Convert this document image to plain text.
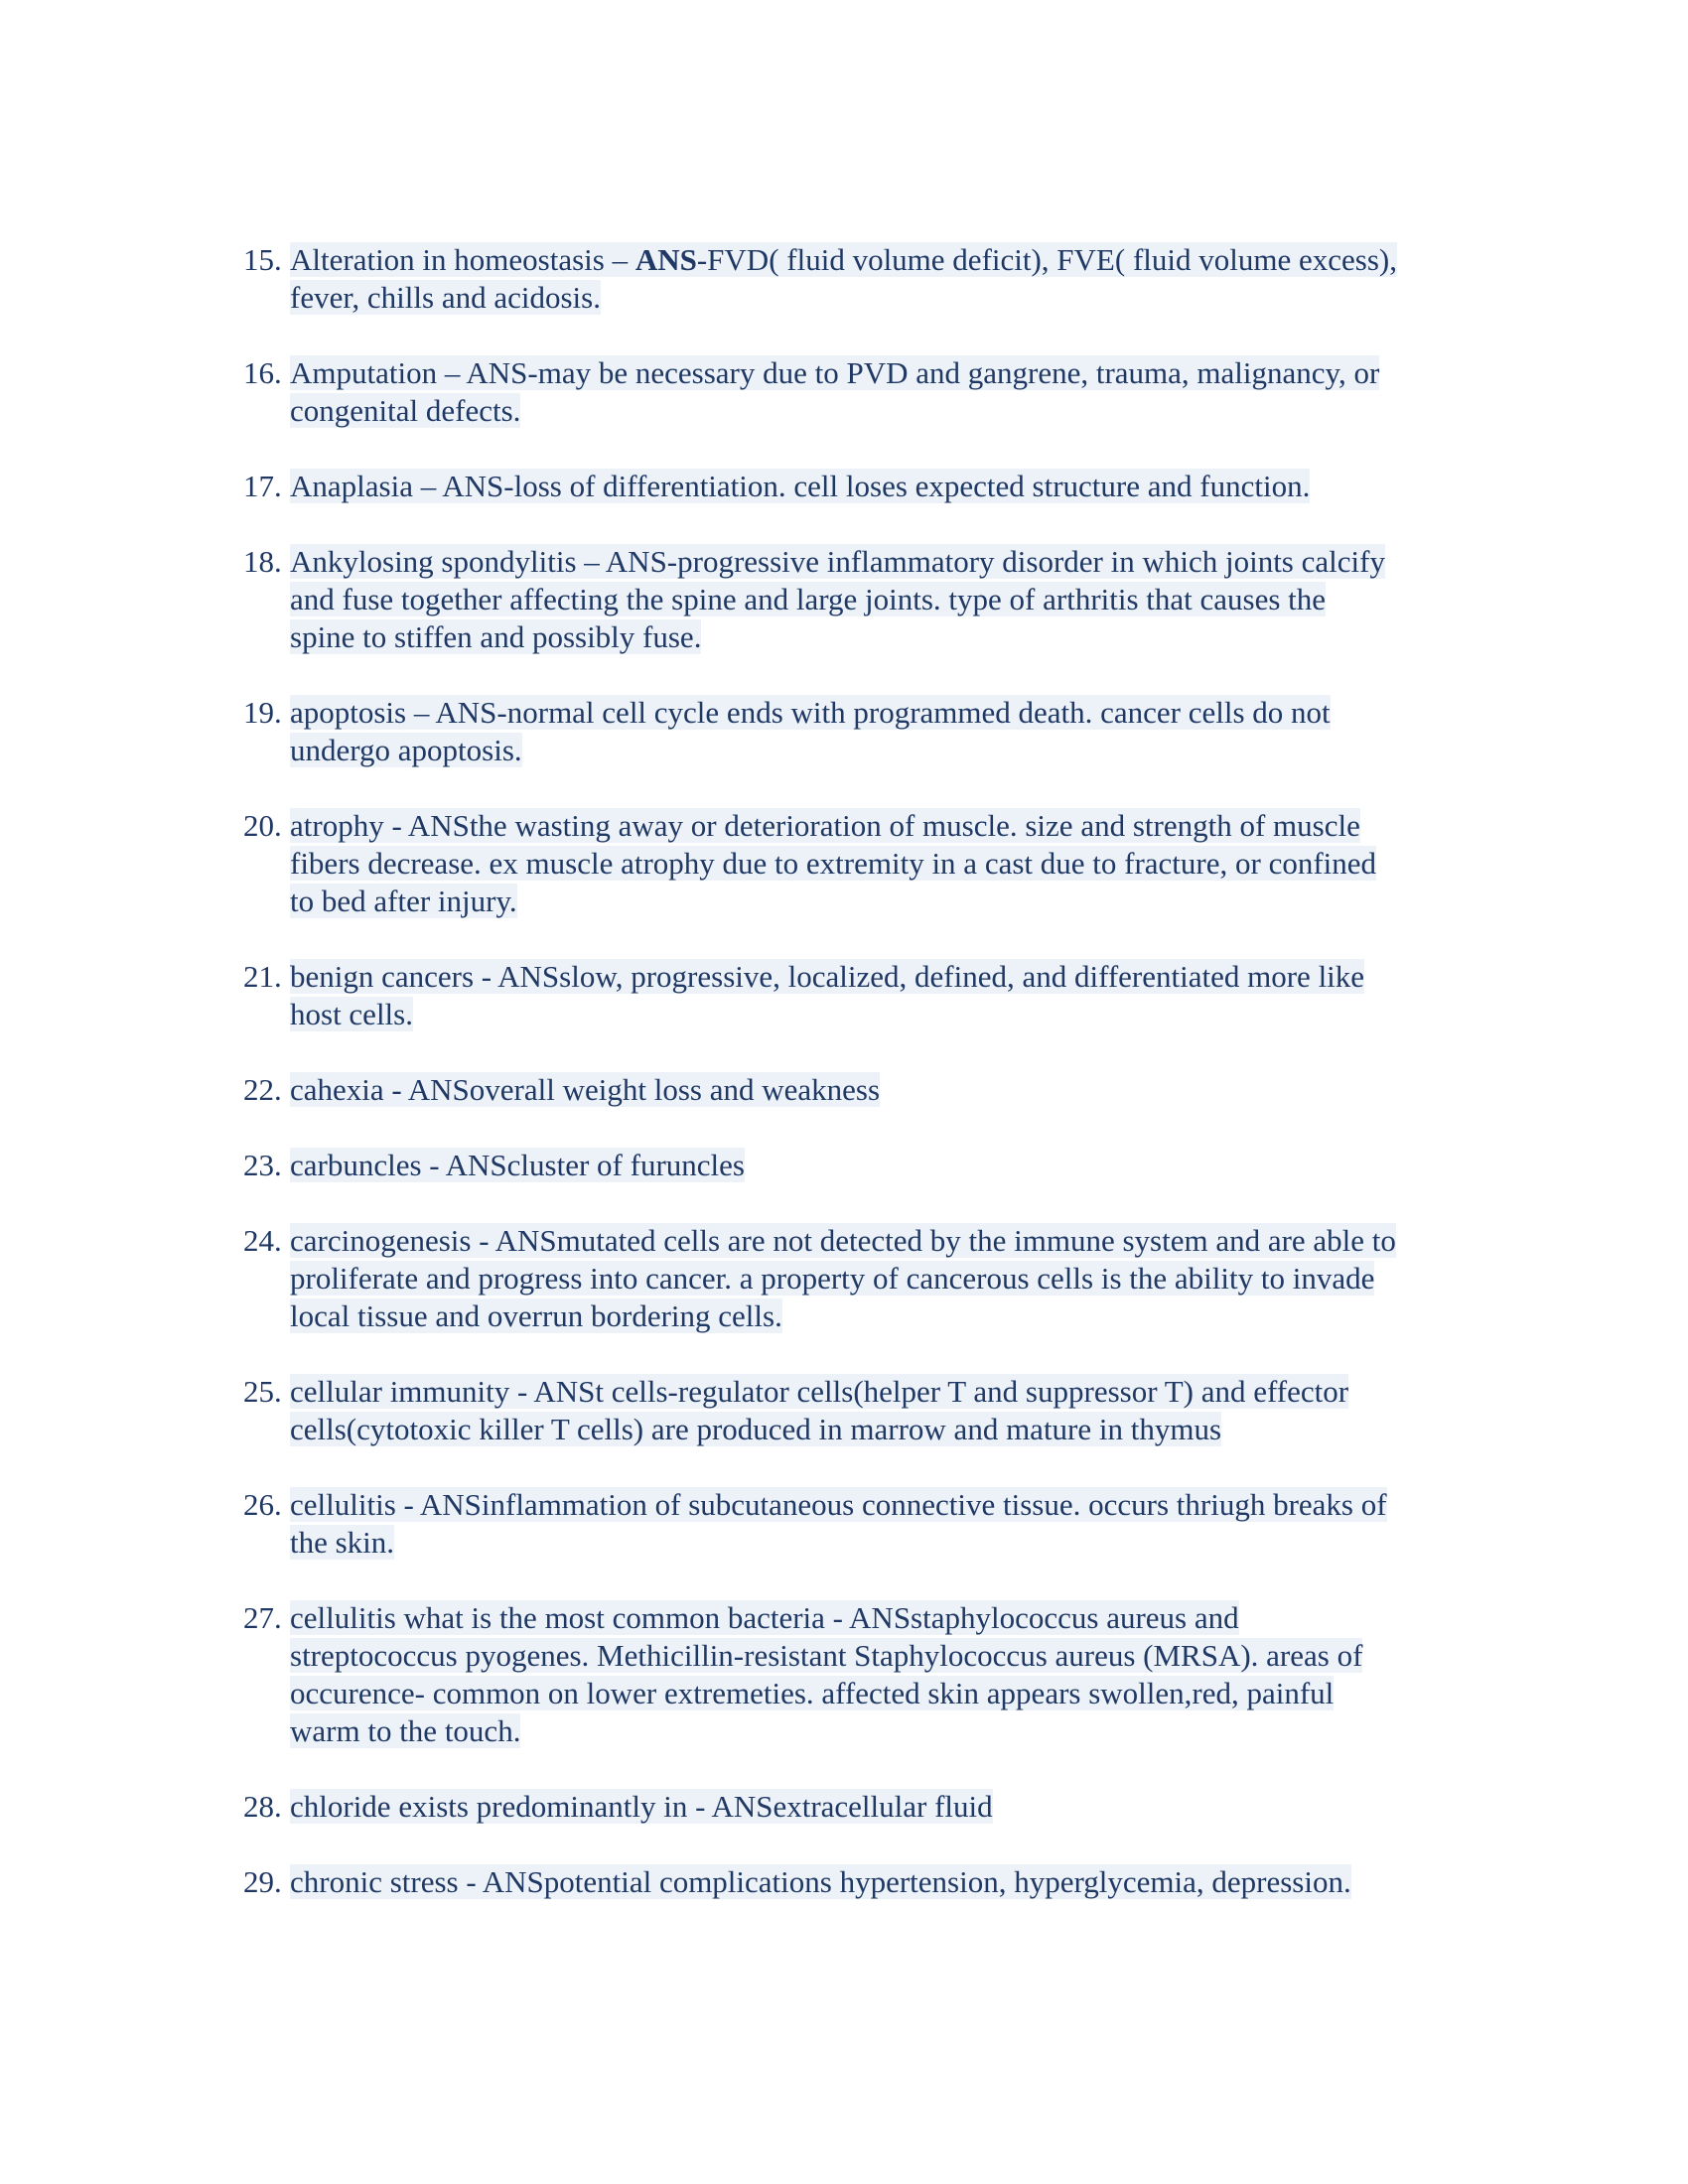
15. Alteration in homeostasis – ANS-FVD( fluid volume deficit), FVE( fluid volume excess),
fever, chills and acidosis.
16. Amputation – ANS-may be necessary due to PVD and gangrene, trauma, malignancy, or
congenital defects.
17. Anaplasia – ANS-loss of differentiation. cell loses expected structure and function.
18. Ankylosing spondylitis – ANS-progressive inflammatory disorder in which joints calcify
and fuse together affecting the spine and large joints. type of arthritis that causes the
spine to stiffen and possibly fuse.
19. apoptosis – ANS-normal cell cycle ends with programmed death. cancer cells do not
undergo apoptosis.
20. atrophy - ANSthe wasting away or deterioration of muscle. size and strength of muscle
fibers decrease. ex muscle atrophy due to extremity in a cast due to fracture, or confined
to bed after injury.
21. benign cancers - ANSslow, progressive, localized, defined, and differentiated more like
host cells.
22. cahexia - ANSoverall weight loss and weakness
23. carbuncles - ANScluster of furuncles
24. carcinogenesis - ANSmutated cells are not detected by the immune system and are able to
proliferate and progress into cancer. a property of cancerous cells is the ability to invade
local tissue and overrun bordering cells.
25. cellular immunity - ANSt cells-regulator cells(helper T and suppressor T) and effector
cells(cytotoxic killer T cells) are produced in marrow and mature in thymus
26. cellulitis - ANSinflammation of subcutaneous connective tissue. occurs thriugh breaks of
the skin.
27. cellulitis what is the most common bacteria - ANSstaphylococcus aureus and
streptococcus pyogenes. Methicillin-resistant Staphylococcus aureus (MRSA). areas of
occurence- common on lower extremeties. affected skin appears swollen,red, painful
warm to the touch.
28. chloride exists predominantly in - ANSextracellular fluid
29. chronic stress - ANSpotential complications hypertension, hyperglycemia, depression.
